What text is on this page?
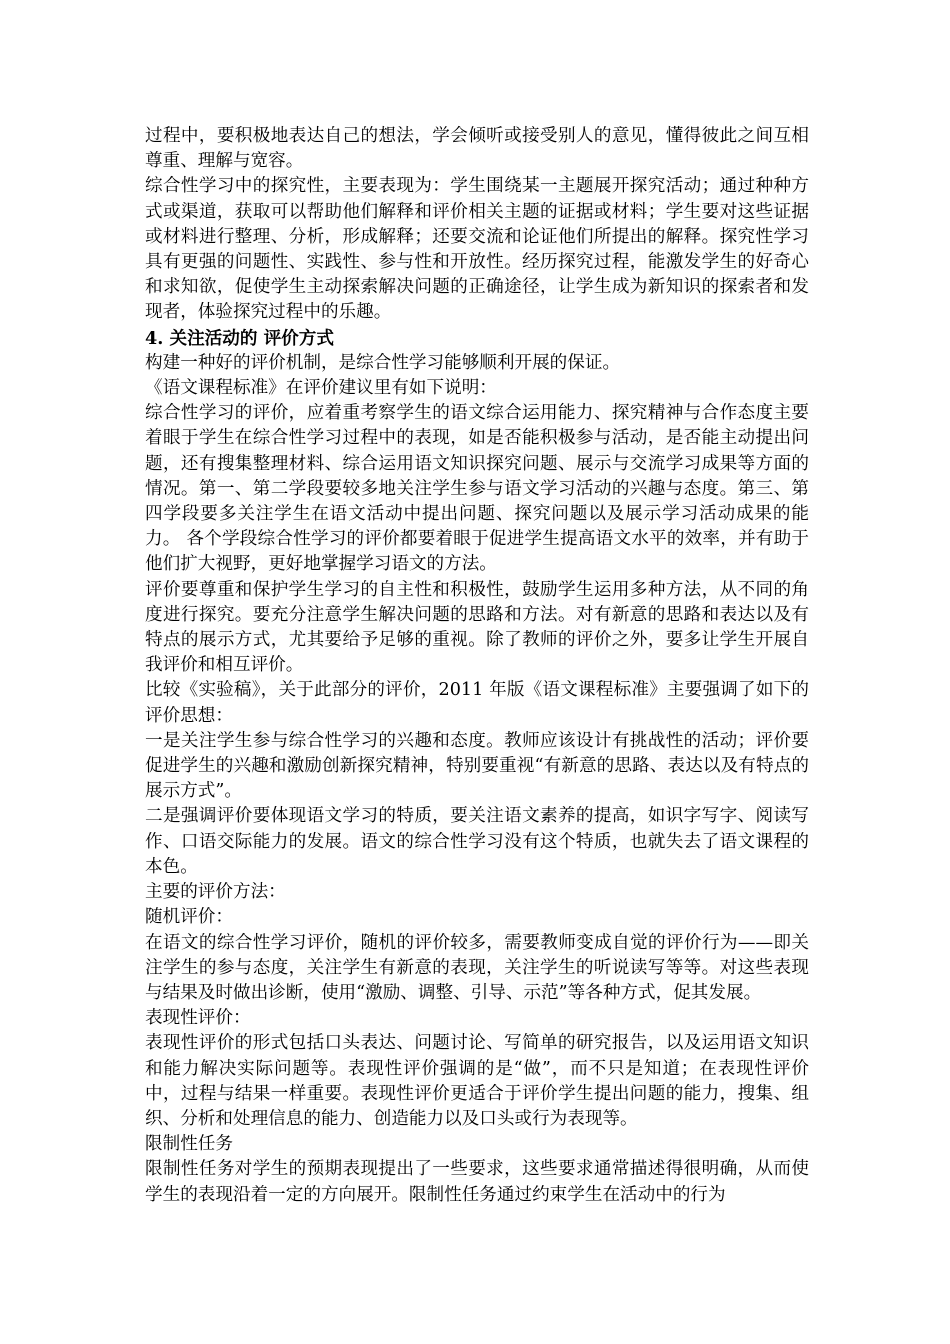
过程中，要积极地表达自己的想法，学会倾听或接受别人的意见，懂得彼此之间互相尊重、理解与宽容。

综合性学习中的探究性，主要表现为：学生围绕某一主题展开探究活动；通过种种方式或渠道，获取可以帮助他们解释和评价相关主题的证据或材料；学生要对这些证据或材料进行整理、分析，形成解释；还要交流和论证他们所提出的解释。探究性学习具有更强的问题性、实践性、参与性和开放性。经历探究过程，能激发学生的好奇心和求知欲，促使学生主动探索解决问题的正确途径，让学生成为新知识的探索者和发现者，体验探究过程中的乐趣。

4. 关注活动的 评价方式

构建一种好的评价机制，是综合性学习能够顺利开展的保证。

《语文课程标准》在评价建议里有如下说明：

综合性学习的评价，应着重考察学生的语文综合运用能力、探究精神与合作态度主要着眼于学生在综合性学习过程中的表现，如是否能积极参与活动，是否能主动提出问题，还有搜集整理材料、综合运用语文知识探究问题、展示与交流学习成果等方面的情况。第一、第二学段要较多地关注学生参与语文学习活动的兴趣与态度。第三、第四学段要多关注学生在语文活动中提出问题、探究问题以及展示学习活动成果的能力。 各个学段综合性学习的评价都要着眼于促进学生提高语文水平的效率，并有助于他们扩大视野，更好地掌握学习语文的方法。

评价要尊重和保护学生学习的自主性和积极性，鼓励学生运用多种方法，从不同的角度进行探究。要充分注意学生解决问题的思路和方法。对有新意的思路和表达以及有特点的展示方式，尤其要给予足够的重视。除了教师的评价之外，要多让学生开展自我评价和相互评价。

比较《实验稿》，关于此部分的评价，2011 年版《语文课程标准》主要强调了如下的评价思想：

一是关注学生参与综合性学习的兴趣和态度。教师应该设计有挑战性的活动；评价要促进学生的兴趣和激励创新探究精神，特别要重视“有新意的思路、表达以及有特点的展示方式”。

二是强调评价要体现语文学习的特质，要关注语文素养的提高，如识字写字、阅读写作、口语交际能力的发展。语文的综合性学习没有这个特质，也就失去了语文课程的本色。

主要的评价方法：

随机评价：

在语文的综合性学习评价，随机的评价较多，需要教师变成自觉的评价行为——即关注学生的参与态度，关注学生有新意的表现，关注学生的听说读写等等。对这些表现与结果及时做出诊断，使用“激励、调整、引导、示范”等各种方式，促其发展。

表现性评价：

表现性评价的形式包括口头表达、问题讨论、写简单的研究报告，以及运用语文知识和能力解决实际问题等。表现性评价强调的是“做”，而不只是知道；在表现性评价中，过程与结果一样重要。表现性评价更适合于评价学生提出问题的能力，搜集、组织、分析和处理信息的能力、创造能力以及口头或行为表现等。

限制性任务

限制性任务对学生的预期表现提出了一些要求，这些要求通常描述得很明确，从而使学生的表现沿着一定的方向展开。限制性任务通过约束学生在活动中的行为
